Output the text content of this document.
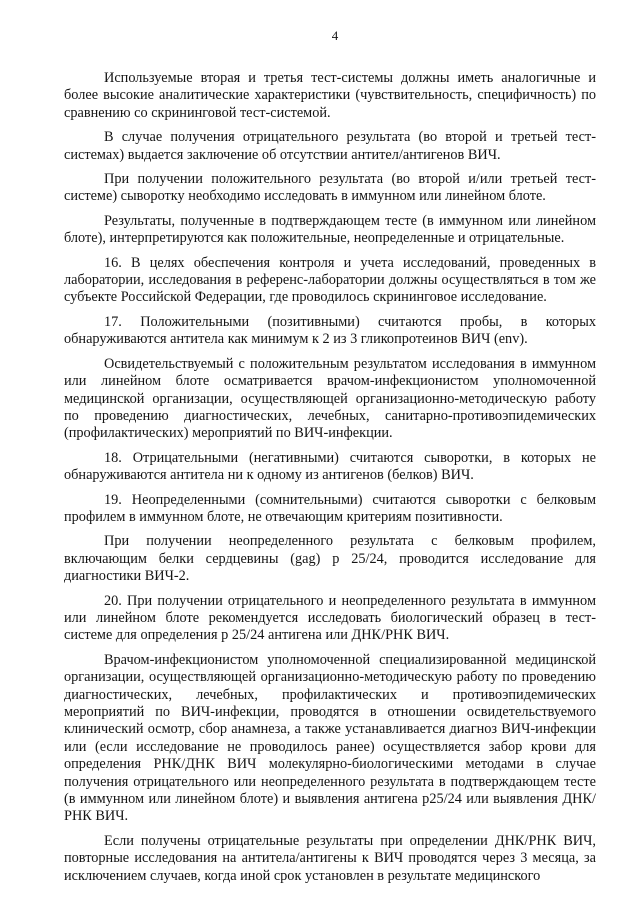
4

Используемые вторая и третья тест-системы должны иметь аналогичные и более высокие аналитические характеристики (чувствительность, специфичность) по сравнению со скрининговой тест-системой.

В случае получения отрицательного результата (во второй и третьей тест-системах) выдается заключение об отсутствии антител/антигенов ВИЧ.

При получении положительного результата (во второй и/или третьей тест-системе) сыворотку необходимо исследовать в иммунном или линейном блоте.

Результаты, полученные в подтверждающем тесте (в иммунном или линейном блоте), интерпретируются как положительные, неопределенные и отрицательные.

16. В целях обеспечения контроля и учета исследований, проведенных в лаборатории, исследования в референс-лаборатории должны осуществляться в том же субъекте Российской Федерации, где проводилось скрининговое исследование.

17. Положительными (позитивными) считаются пробы, в которых обнаруживаются антитела как минимум к 2 из 3 гликопротеинов ВИЧ (env).

Освидетельствуемый с положительным результатом исследования в иммунном или линейном блоте осматривается врачом-инфекционистом уполномоченной медицинской организации, осуществляющей организационно-методическую работу по проведению диагностических, лечебных, санитарно-противоэпидемических (профилактических) мероприятий по ВИЧ-инфекции.

18. Отрицательными (негативными) считаются сыворотки, в которых не обнаруживаются антитела ни к одному из антигенов (белков) ВИЧ.

19. Неопределенными (сомнительными) считаются сыворотки с белковым профилем в иммунном блоте, не отвечающим критериям позитивности.

При получении неопределенного результата с белковым профилем, включающим белки сердцевины (gag) p 25/24, проводится исследование для диагностики ВИЧ-2.

20. При получении отрицательного и неопределенного результата в иммунном или линейном блоте рекомендуется исследовать биологический образец в тест-системе для определения p 25/24 антигена или ДНК/РНК ВИЧ.

Врачом-инфекционистом уполномоченной специализированной медицинской организации, осуществляющей организационно-методическую работу по проведению диагностических, лечебных, профилактических и противоэпидемических мероприятий по ВИЧ-инфекции, проводятся в отношении освидетельствуемого клинический осмотр, сбор анамнеза, а также устанавливается диагноз ВИЧ-инфекции или (если исследование не проводилось ранее) осуществляется забор крови для определения РНК/ДНК ВИЧ молекулярно-биологическими методами в случае получения отрицательного или неопределенного результата в подтверждающем тесте (в иммунном или линейном блоте) и выявления антигена p25/24 или выявления ДНК/РНК ВИЧ.

Если получены отрицательные результаты при определении ДНК/РНК ВИЧ, повторные исследования на антитела/антигены к ВИЧ проводятся через 3 месяца, за исключением случаев, когда иной срок установлен в результате медицинского
